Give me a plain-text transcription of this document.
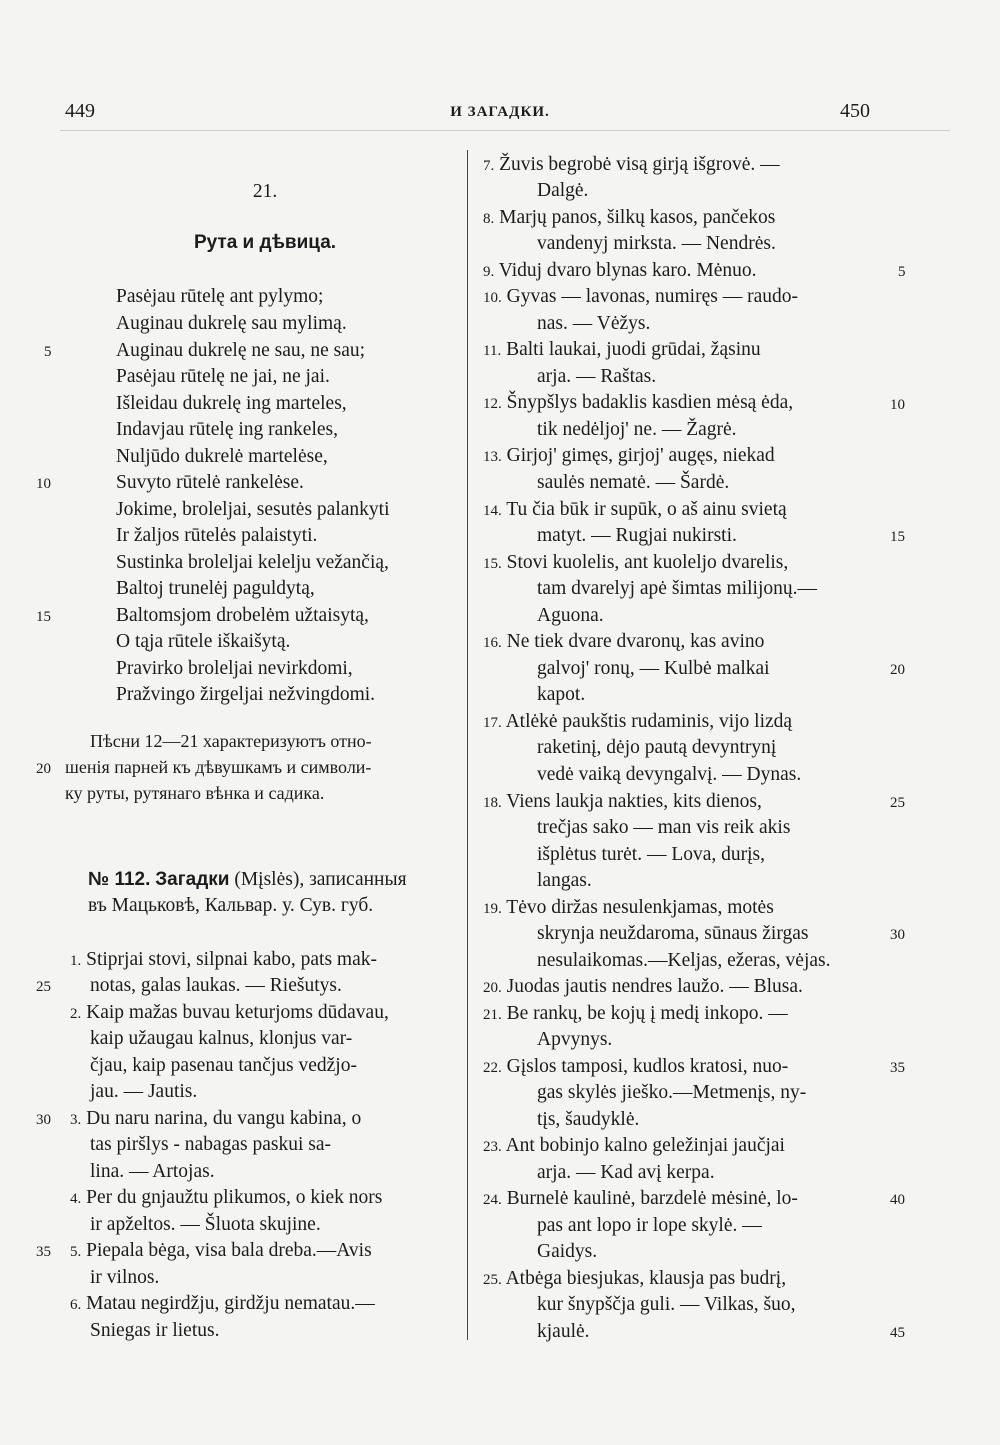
449	И ЗАГАДКИ.	450
21.
Рута и дѣвица.
Pasėjau rūtelę ant pylymo;
Auginau dukrelę sau mylimą.
Auginau dukrelę ne sau, ne sau;
Pasėjau rūtelę ne jai, ne jai.
Išleidau dukrelę ing marteles,
Indavjau rūtelę ing rankeles,
Nuljūdo dukrelė martelėse,
Suvyto rūtelė rankelėse.
Jokime, broleljai, sesutės palankyti
Ir žaljos rūtelės palaistyti.
Sustinka broleljai kelelju vežančią,
Baltoj trunelėj paguldytą,
Baltomsjom drobelėm užtaisytą,
O tąja rūtele iškaišytą.
Pravirko broleljai nevirkdomi,
Pražvingo žirgeljai nežvingdomi.
Пѣсни 12—21 характеризуютъ отно-
шенія парней къ дѣвушкамъ и символи-
ку руты, рутянаго вѣнка и садика.
№ 112. Загадки (Mįslės), записанныя
въ Мацьковѣ, Кальвар. у. Сув. губ.
1. Stiprjai stovi, silpnai kabo, pats mak-
notas, galas laukas. — Riešutys.
2. Kaip mažas buvau keturjoms dūdavau,
kaip užaugau kalnus, klonjus var-
čjau, kaip pasenau tančjus vedžjo-
jau. — Jautis.
3. Du naru narina, du vangu kabina, o
tas piršlys - nabagas paskui sa-
lina. — Artojas.
4. Per du gnjaužtu plikumos, o kiek nors
ir apželtos. — Šluota skujine.
5. Piepala bėga, visa bala dreba.—Avis
ir vilnos.
6. Matau negirdžju, girdžju nematau.—
Sniegas ir lietus.
5
10
15
20
25
30
35
7. Žuvis begrobė visą girją išgrovė. —
Dalgė.
8. Marjų panos, šilkų kasos, pančekos
vandenyj mirksta. — Nendrės.
9. Viduj dvaro blynas karo. Mėnuo.
10. Gyvas — lavonas, numiręs — raudo-
nas. — Vėžys.
11. Balti laukai, juodi grūdai, žąsinu
arja. — Raštas.
12. Šnypšlys badaklis kasdien mėsą ėda,
tik nedėljoj' ne. — Žagrė.
13. Girjoj' gimęs, girjoj' augęs, niekad
saulės nematė. — Šardė.
14. Tu čia būk ir supūk, o aš ainu svietą
matyt. — Rugjai nukirsti.
15. Stovi kuolelis, ant kuoleljo dvarelis,
tam dvarelyj apė šimtas milijonų.—
Aguona.
16. Ne tiek dvare dvaronų, kas avino
galvoj' ronų, — Kulbė malkai
kapot.
17. Atlėkė paukštis rudaminis, vijo lizdą
raketinį, dėjo pautą devyntrynį
vedė vaiką devyngalvį. — Dynas.
18. Viens laukja nakties, kits dienos,
trečjas sako — man vis reik akis
išplėtus turėt. — Lova, durįs,
langas.
19. Tėvo diržas nesulenkjamas, motės
skrynja neuždaroma, sūnaus žirgas
nesulaikomas.—Keljas, ežeras, vėjas.
20. Juodas jautis nendres laužo. — Blusa.
21. Be rankų, be kojų į medį inkopo. —
Apvynys.
22. Gįslos tamposi, kudlos kratosi, nuo-
gas skylės jieško.—Metmenįs, ny-
tįs, šaudyklė.
23. Ant bobinjo kalno geležinjai jaučjai
arja. — Kad avį kerpa.
24. Burnelė kaulinė, barzdelė mėsinė, lo-
pas ant lopo ir lope skylė. —
Gaidys.
25. Atbėga biesjukas, klausja pas budrį,
kur šnypščja guli. — Vilkas, šuo,
kjaulė.
5
10
15
20
25
30
35
40
45
